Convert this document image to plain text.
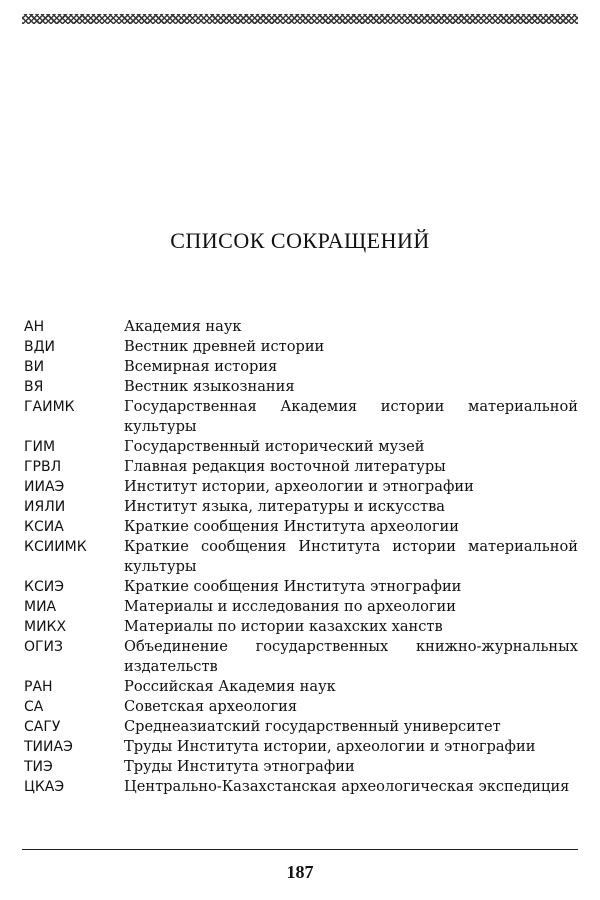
СПИСОК СОКРАЩЕНИЙ
АН	Академия наук
ВДИ	Вестник древней истории
ВИ	Всемирная история
ВЯ	Вестник языкознания
ГАИМК	Государственная Академия истории материальной культуры
ГИМ	Государственный исторический музей
ГРВЛ	Главная редакция восточной литературы
ИИАЭ	Институт истории, археологии и этнографии
ИЯЛИ	Институт языка, литературы и искусства
КСИА	Краткие сообщения Института археологии
КСИИМК	Краткие сообщения Института истории материальной культуры
КСИЭ	Краткие сообщения Института этнографии
МИА	Материалы и исследования по археологии
МИКХ	Материалы по истории казахских ханств
ОГИЗ	Объединение государственных книжно-журнальных издательств
РАН	Российская Академия наук
СА	Советская археология
САГУ	Среднеазиатский государственный университет
ТИИАЭ	Труды Института истории, археологии и этнографии
ТИЭ	Труды Института этнографии
ЦКАЭ	Центрально-Казахстанская археологическая экспедиция
187
